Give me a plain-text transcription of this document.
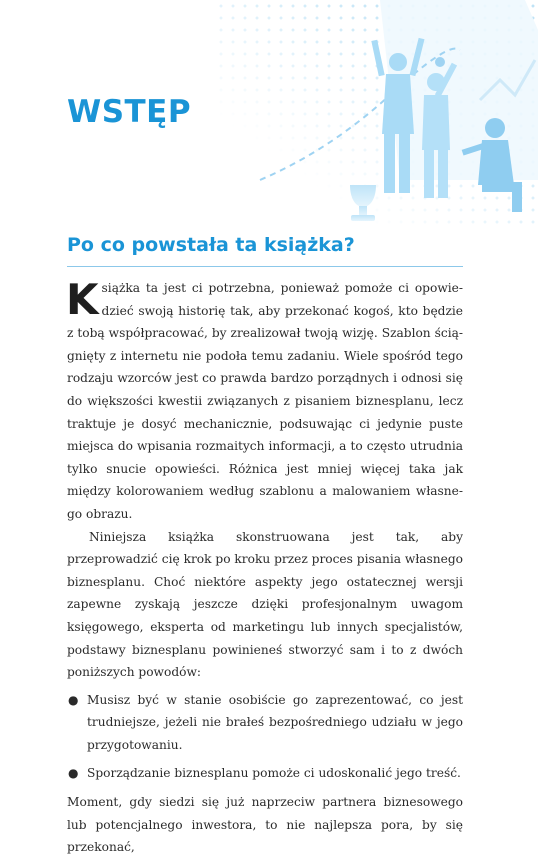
WSTĘP
Po co powstała ta książka?

Książka ta jest ci potrzebna, ponieważ pomoże ci opowiedzieć swoją historię tak, aby przekonać kogoś, kto będzie z tobą współpracować, by zrealizował twoją wizję. Szablon ściągnięty z internetu nie podoła temu zadaniu. Wiele spośród tego rodzaju wzorców jest co prawda bardzo porządnych i odnosi się do większości kwestii związanych z pisaniem biznesplanu, lecz traktuje je dosyć mechanicznie, podsuwając ci jedynie puste miejsca do wpisania rozmaitych informacji, a to często utrudnia tylko snucie opowieści. Różnica jest mniej więcej taka jak między kolorowaniem według szablonu a malowaniem własnego obrazu.

Niniejsza książka skonstruowana jest tak, aby przeprowadzić cię krok po kroku przez proces pisania własnego biznesplanu. Choć niektóre aspekty jego ostatecznej wersji zapewne zyskają jeszcze dzięki profesjonalnym uwagom księgowego, eksperta od marketingu lub innych specjalistów, podstawy biznesplanu powinieneś stworzyć sam i to z dwóch poniższych powodów:

● Musisz być w stanie osobiście go zaprezentować, co jest trudniejsze, jeżeli nie brałeś bezpośredniego udziału w jego przygotowaniu.
● Sporządzanie biznesplanu pomoże ci udoskonalić jego treść.

Moment, gdy siedzi się już naprzeciw partnera biznesowego lub potencjalnego inwestora, to nie najlepsza pora, by się przekonać,
